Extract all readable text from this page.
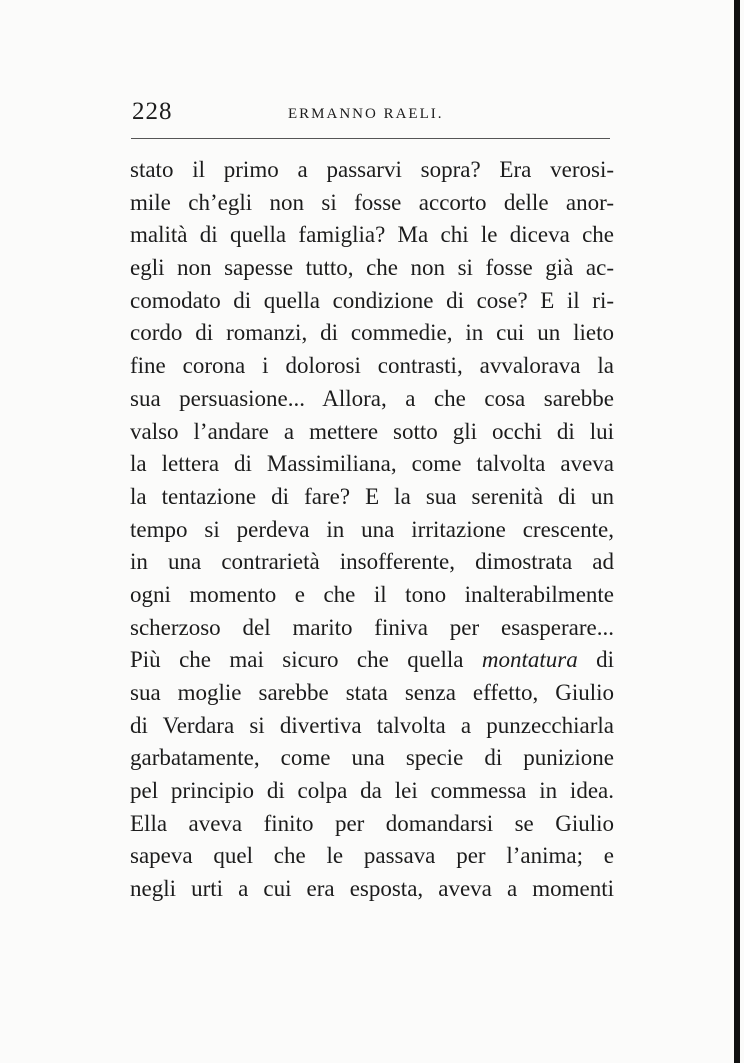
228	ERMANNO RAELI.
stato il primo a passarvi sopra? Era verosi-
mile ch’egli non si fosse accorto delle anor-
malità di quella famiglia? Ma chi le diceva che
egli non sapesse tutto, che non si fosse già ac-
comodato di quella condizione di cose? E il ri-
cordo di romanzi, di commedie, in cui un lieto
fine corona i dolorosi contrasti, avvalorava la
sua persuasione... Allora, a che cosa sarebbe
valso l’andare a mettere sotto gli occhi di lui
la lettera di Massimiliana, come talvolta aveva
la tentazione di fare? E la sua serenità di un
tempo si perdeva in una irritazione crescente,
in una contrarietà insofferente, dimostrata ad
ogni momento e che il tono inalterabilmente
scherzoso del marito finiva per esasperare...
Più che mai sicuro che quella montatura di
sua moglie sarebbe stata senza effetto, Giulio
di Verdara si divertiva talvolta a punzecchiarla
garbatamente, come una specie di punizione
pel principio di colpa da lei commessa in idea.
Ella aveva finito per domandarsi se Giulio
sapeva quel che le passava per l’anima; e
negli urti a cui era esposta, aveva a momenti
